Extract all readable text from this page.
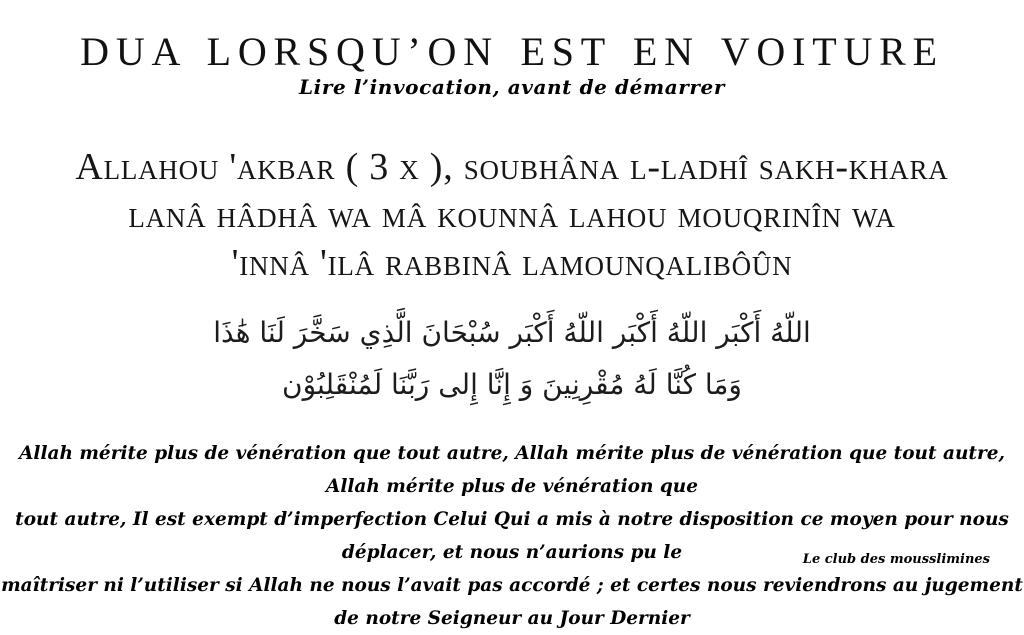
DUA LORSQU’ON EST EN VOITURE
Lire l’invocation, avant de démarrer
Allahou 'akbar ( 3 x ), soubhâna l-ladhî sakh-khara
lanâ hâdhâ wa mâ kounnâ lahou mouqrinîn wa
'innâ 'ilâ rabbinâ lamounqalibôûn
اللّهُ أَكْبَر اللّهُ أَكْبَر اللّهُ أَكْبَر سُبْحَانَ الَّذِي سَخَّرَ لَنَا هَٰذَا
وَمَا كُنَّا لَهُ مُقْرِنِينَ وَ إِنَّا إِلى رَبَّنَا لَمُنْقَلِبُوْن
Allah mérite plus de vénération que tout autre, Allah mérite plus de vénération que tout autre, Allah mérite plus de vénération que
tout autre, Il est exempt d’imperfection Celui Qui a mis à notre disposition ce moyen pour nous déplacer, et nous n’aurions pu le
maîtriser ni l’utiliser si Allah ne nous l’avait pas accordé ; et certes nous reviendrons au jugement de notre Seigneur au Jour Dernier
Le club des mousslimines
